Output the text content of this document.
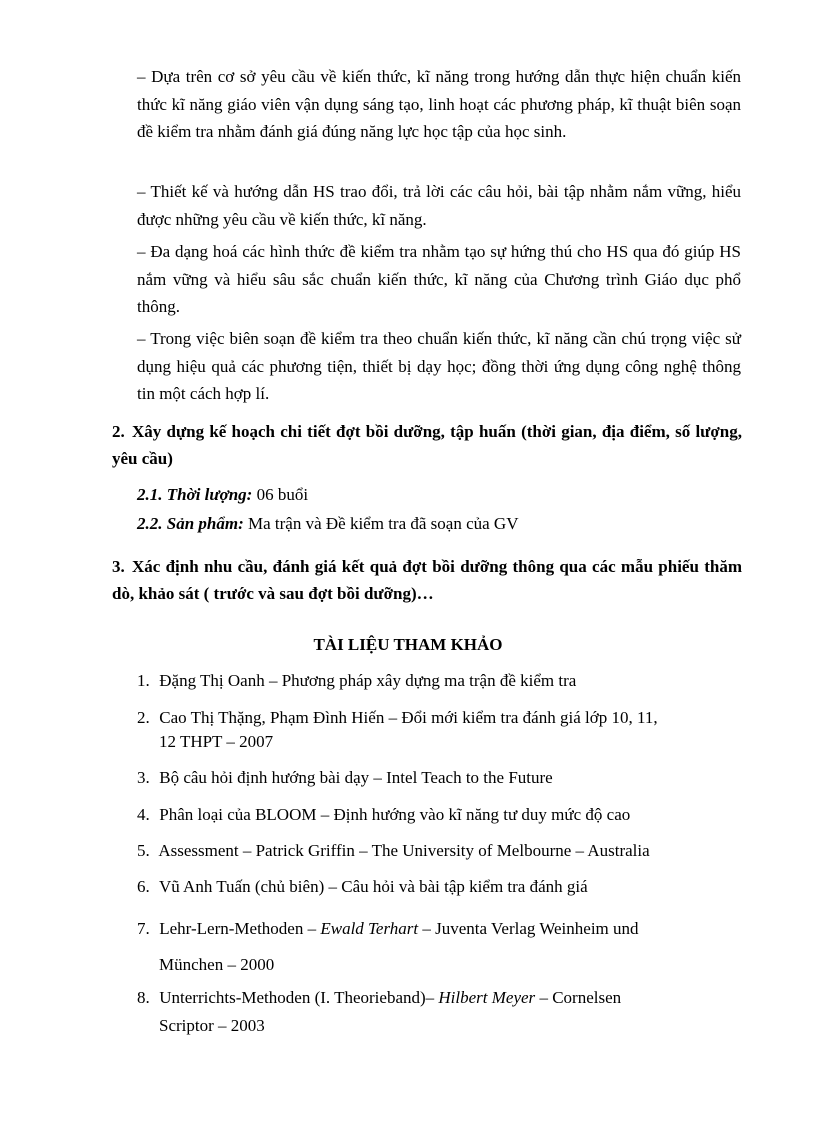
– Dựa trên cơ sở yêu cầu về kiến thức, kĩ năng trong hướng dẫn thực hiện chuẩn kiến thức kĩ năng giáo viên vận dụng sáng tạo, linh hoạt các phương pháp, kĩ thuật biên soạn đề kiểm tra nhằm đánh giá đúng năng lực học tập của học sinh.

– Thiết kế và hướng dẫn HS trao đổi, trả lời các câu hỏi, bài tập nhằm nắm vững, hiểu được những yêu cầu về kiến thức, kĩ năng.

– Đa dạng hoá các hình thức đề kiểm tra nhằm tạo sự hứng thú cho HS qua đó giúp HS nắm vững và hiểu sâu sắc chuẩn kiến thức, kĩ năng của Chương trình Giáo dục phổ thông.

– Trong việc biên soạn đề kiểm tra theo chuẩn kiến thức, kĩ năng cần chú trọng việc sử dụng hiệu quả các phương tiện, thiết bị dạy học; đồng thời ứng dụng công nghệ thông tin một cách hợp lí.

2. Xây dựng kế hoạch chi tiết đợt bồi dưỡng, tập huấn (thời gian, địa điểm, số lượng, yêu cầu)

2.1. Thời lượng: 06 buổi

2.2. Sản phẩm: Ma trận và Đề kiểm tra đã soạn của GV

3. Xác định nhu cầu, đánh giá kết quả đợt bồi dưỡng thông qua các mẫu phiếu thăm dò, khảo sát ( trước và sau đợt bồi dưỡng)…

TÀI LIỆU THAM KHẢO

1. Đặng Thị Oanh – Phương pháp xây dựng ma trận đề kiểm tra

2. Cao Thị Thặng, Phạm Đình Hiến – Đổi mới kiểm tra đánh giá lớp 10, 11,
12 THPT – 2007

3. Bộ câu hỏi định hướng bài dạy – Intel Teach to the Future

4. Phân loại của BLOOM – Định hướng vào kĩ năng tư duy mức độ cao

5. Assessment – Patrick Griffin – The University of Melbourne – Australia

6. Vũ Anh Tuấn (chủ biên) – Câu hỏi và bài tập kiểm tra đánh giá

7. Lehr-Lern-Methoden – Ewald Terhart – Juventa Verlag Weinheim und
München – 2000

8. Unterrichts-Methoden (I. Theorieband)– Hilbert Meyer – Cornelsen
Scriptor – 2003
